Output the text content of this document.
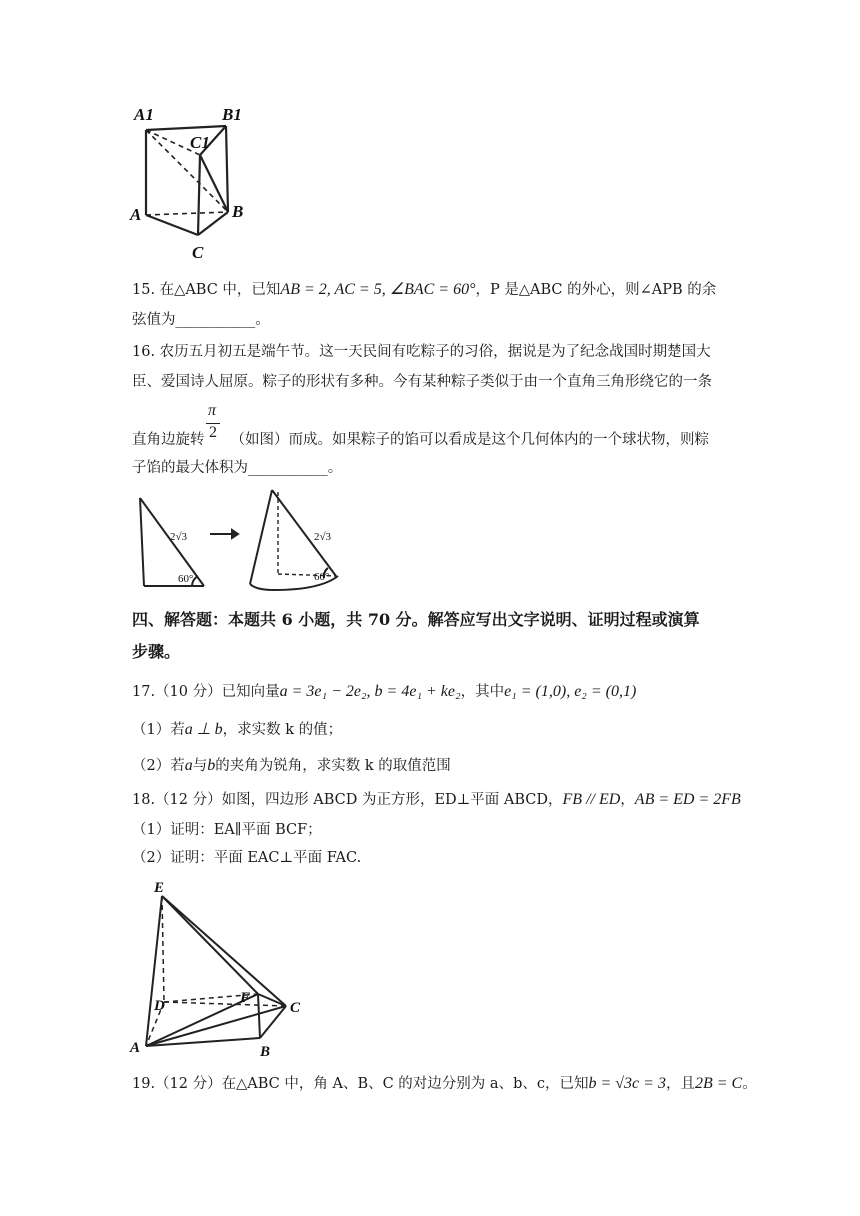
A1	B1
C1
A	B
C
15. 在△ABC 中，已知AB = 2, AC = 5, ∠BAC = 60°，P 是△ABC 的外心，则∠APB 的余
弦值为___________。
16. 农历五月初五是端午节。这一天民间有吃粽子的习俗，据说是为了纪念战国时期楚国大
臣、爱国诗人屈原。粽子的形状有多种。今有某种粽子类似于由一个直角三角形绕它的一条
π
2
直角边旋转 （如图）而成。如果粽子的馅可以看成是这个几何体内的一个球状物，则粽
子馅的最大体积为___________。
2√3
60°
2√3
60°
四、解答题：本题共 6 小题，共 70 分。解答应写出文字说明、证明过程或演算
步骤。
17.（10 分）已知向量a = 3e₁ − 2e₂, b = 4e₁ + ke₂，其中e₁ = (1,0), e₂ = (0,1)
（1）若a ⊥ b，求实数 k 的值；
（2）若a与b的夹角为锐角，求实数 k 的取值范围
18.（12 分）如图，四边形 ABCD 为正方形，ED⊥平面 ABCD，FB // ED，AB = ED = 2FB
（1）证明：EA∥平面 BCF；
（2）证明：平面 EAC⊥平面 FAC.
E
D	F
C
A	B
19.（12 分）在△ABC 中，角 A、B、C 的对边分别为 a、b、c，已知b = √3c = 3，且2B = C。
